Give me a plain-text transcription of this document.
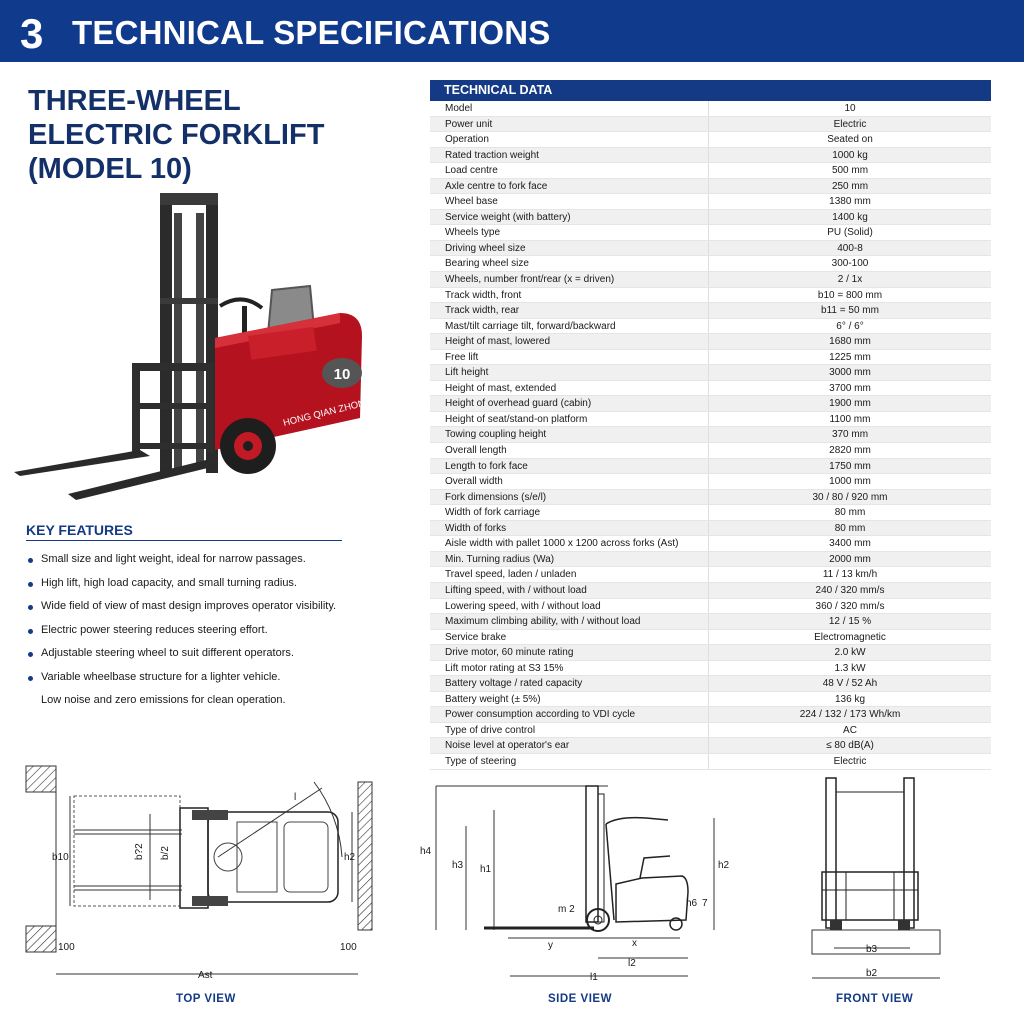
3 TECHNICAL SPECIFICATIONS
THREE-WHEEL
ELECTRIC FORKLIFT
(MODEL 10)
10
HONG QIAN ZHONG GONG
KEY FEATURES
Small size and light weight, ideal for narrow passages.
High lift, high load capacity, and small turning radius.
Wide field of view of mast design improves operator visibility.
Electric power steering reduces steering effort.
Adjustable steering wheel to suit different operators.
Variable wheelbase structure for a lighter vehicle.
Low noise and zero emissions for clean operation.
TECHNICAL DATA
Model	10
Power unit	Electric
Operation	Seated on
Rated traction weight	1000 kg
Load centre	500 mm
Axle centre to fork face	250 mm
Wheel base	1380 mm
Service weight (with battery)	1400 kg
Wheels type	PU (Solid)
Driving wheel size	400-8
Bearing wheel size	300-100
Wheels, number front/rear (x = driven)	2 / 1x
Track width, front	b10 = 800 mm
Track width, rear	b11 = 50 mm
Mast/tilt carriage tilt, forward/backward	6° / 6°
Height of mast, lowered	1680 mm
Free lift	1225 mm
Lift height	3000 mm
Height of mast, extended	3700 mm
Height of overhead guard (cabin)	1900 mm
Height of seat/stand-on platform	1100 mm
Towing coupling height	370 mm
Overall length	2820 mm
Length to fork face	1750 mm
Overall width	1000 mm
Fork dimensions (s/e/l)	30 / 80 / 920 mm
Width of fork carriage	80 mm
Width of forks	80 mm
Aisle width with pallet 1000 x 1200 across forks (Ast)	3400 mm
Min. Turning radius (Wa)	2000 mm
Travel speed, laden / unladen	11 / 13 km/h
Lifting speed, with / without load	240 / 320 mm/s
Lowering speed, with / without load	360 / 320 mm/s
Maximum climbing ability, with / without load	12 / 15 %
Service brake	Electromagnetic
Drive motor, 60 minute rating	2.0 kW
Lift motor rating at S3 15%	1.3 kW
Battery voltage / rated capacity	48 V / 52 Ah
Battery weight (± 5%)	136 kg
Power consumption according to VDI cycle	224 / 132 / 173 Wh/km
Type of drive control	AC
Noise level at operator's ear	≤ 80 dB(A)
Type of steering	Electric
l
b10	b?2 b/2	h2
100	100
Ast
TOP VIEW
h4
h3 h1	h2
h6 7
m 2
y	x
l2
l1
SIDE VIEW
b3
b2
FRONT VIEW
